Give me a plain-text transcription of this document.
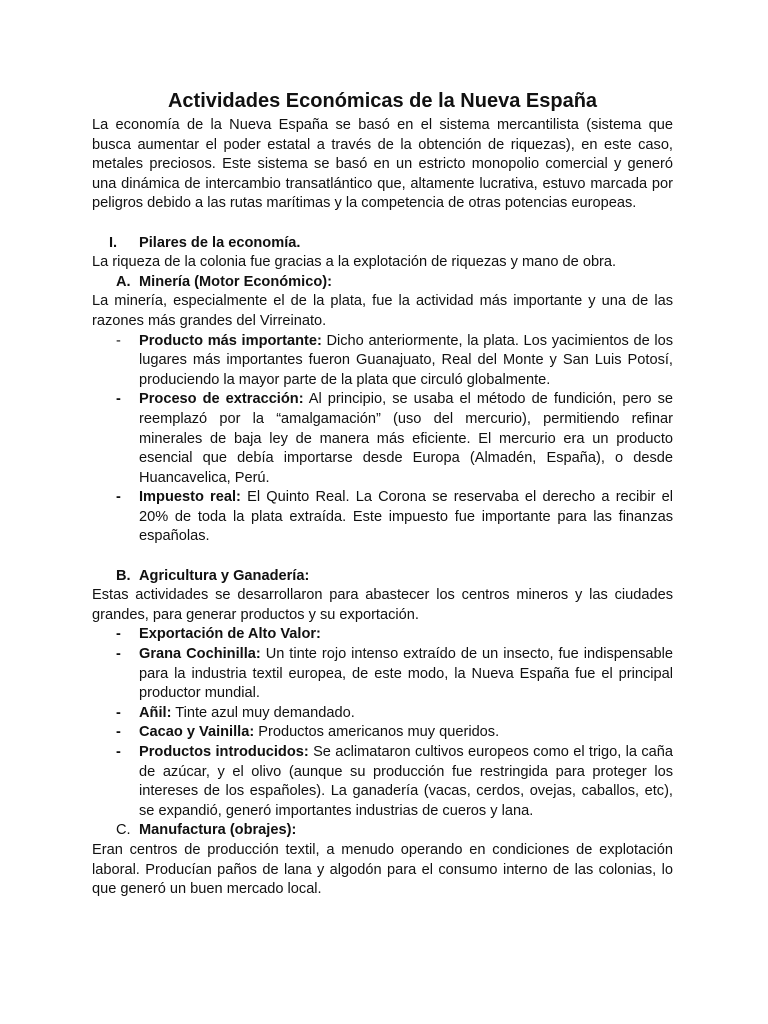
Actividades Económicas de la Nueva España

La economía de la Nueva España se basó en el sistema mercantilista (sistema que busca aumentar el poder estatal a través de la obtención de riquezas), en este caso, metales preciosos. Este sistema se basó en un estricto monopolio comercial y generó una dinámica de intercambio transatlántico que, altamente lucrativa, estuvo marcada por peligros debido a las rutas marítimas y la competencia de otras potencias europeas.

I. Pilares de la economía.

La riqueza de la colonia fue gracias a la explotación de riquezas y mano de obra.

A. Minería (Motor Económico):

La minería, especialmente el de la plata, fue la actividad más importante y una de las razones más grandes del Virreinato.

- Producto más importante: Dicho anteriormente, la plata. Los yacimientos de los lugares más importantes fueron Guanajuato, Real del Monte y San Luis Potosí, produciendo la mayor parte de la plata que circuló globalmente.
- Proceso de extracción: Al principio, se usaba el método de fundición, pero se reemplazó por la “amalgamación” (uso del mercurio), permitiendo refinar minerales de baja ley de manera más eficiente. El mercurio era un producto esencial que debía importarse desde Europa (Almadén, España), o desde Huancavelica, Perú.
- Impuesto real: El Quinto Real. La Corona se reservaba el derecho a recibir el 20% de toda la plata extraída. Este impuesto fue importante para las finanzas españolas.

B. Agricultura y Ganadería:

Estas actividades se desarrollaron para abastecer los centros mineros y las ciudades grandes, para generar productos y su exportación.

- Exportación de Alto Valor:
- Grana Cochinilla: Un tinte rojo intenso extraído de un insecto, fue indispensable para la industria textil europea, de este modo, la Nueva España fue el principal productor mundial.
- Añil: Tinte azul muy demandado.
- Cacao y Vainilla: Productos americanos muy queridos.
- Productos introducidos: Se aclimataron cultivos europeos como el trigo, la caña de azúcar, y el olivo (aunque su producción fue restringida para proteger los intereses de los españoles). La ganadería (vacas, cerdos, ovejas, caballos, etc), se expandió, generó importantes industrias de cueros y lana.

C. Manufactura (obrajes):

Eran centros de producción textil, a menudo operando en condiciones de explotación laboral. Producían paños de lana y algodón para el consumo interno de las colonias, lo que generó un buen mercado local.
